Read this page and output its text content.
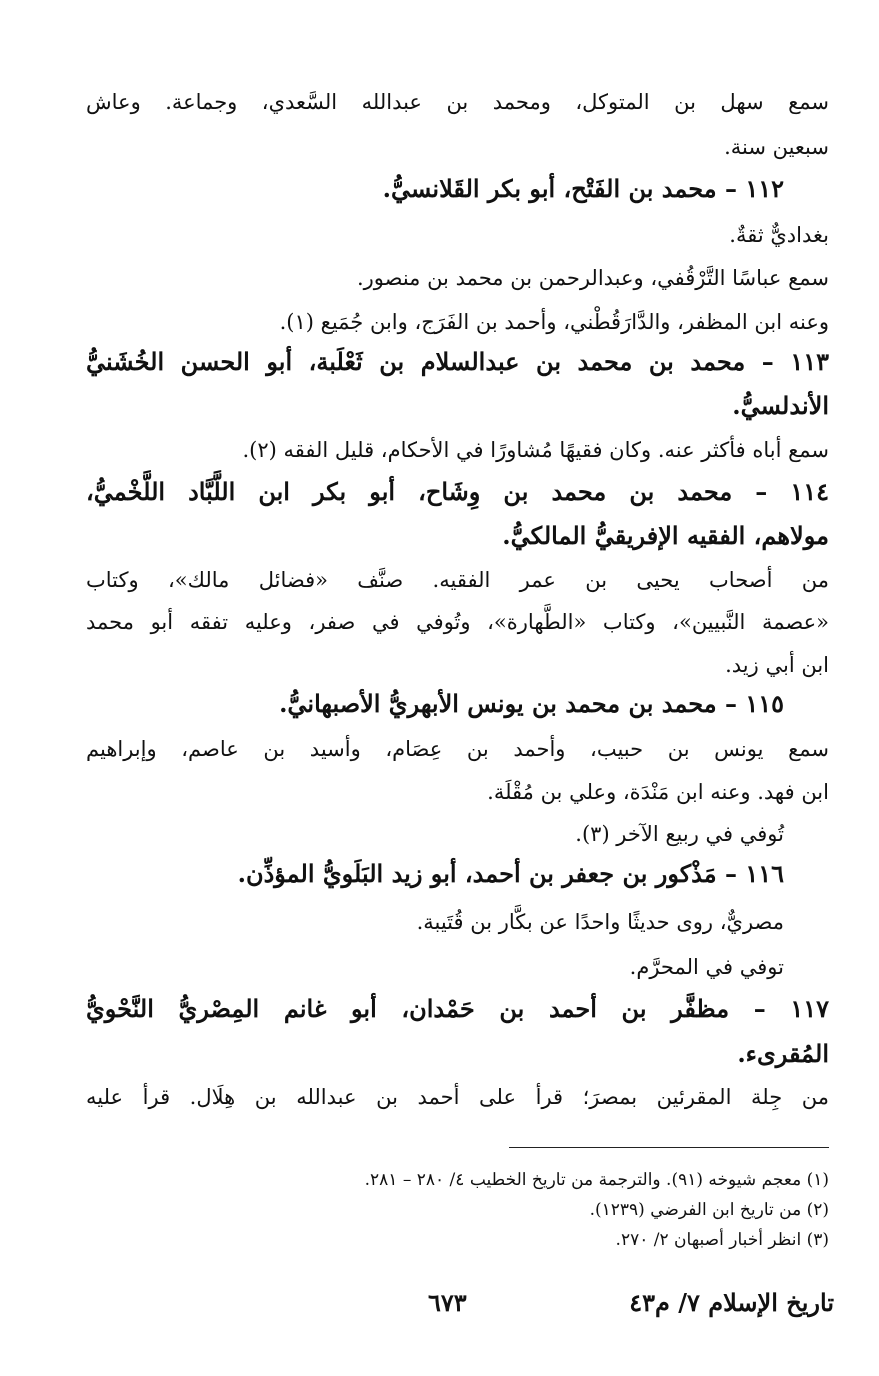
سمع سهل بن المتوكل، ومحمد بن عبدالله السَّعدي، وجماعة. وعاش
سبعين سنة.
١١٢ – محمد بن الفَتْح، أبو بكر القَلانسيُّ.
بغداديٌّ ثقةٌ.
سمع عباسًا التَّرْقُفي، وعبدالرحمن بن محمد بن منصور.
وعنه ابن المظفر، والدَّارَقُطْني، وأحمد بن الفَرَج، وابن جُمَيع (١).
١١٣ – محمد بن محمد بن عبدالسلام بن ثَعْلَبة، أبو الحسن الخُشَنيُّ
الأندلسيُّ.
سمع أباه فأكثر عنه. وكان فقيهًا مُشاورًا في الأحكام، قليل الفقه (٢).
١١٤ – محمد بن محمد بن وِشَاح، أبو بكر ابن اللَّبَّاد اللَّخْميُّ،
مولاهم، الفقيه الإفريقيُّ المالكيُّ.
من أصحاب يحيى بن عمر الفقيه. صنَّف «فضائل مالك»، وكتاب
«عصمة النَّبيين»، وكتاب «الطَّهارة»، وتُوفي في صفر، وعليه تفقه أبو محمد
ابن أبي زيد.
١١٥ – محمد بن محمد بن يونس الأبهريُّ الأصبهانيُّ.
سمع يونس بن حبيب، وأحمد بن عِصَام، وأسيد بن عاصم، وإبراهيم
ابن فهد. وعنه ابن مَنْدَة، وعلي بن مُقْلَة.
تُوفي في ربيع الآخر (٣).
١١٦ – مَذْكور بن جعفر بن أحمد، أبو زيد البَلَويُّ المؤذِّن.
مصريٌّ، روى حديثًا واحدًا عن بكَّار بن قُتَيبة.
توفي في المحرَّم.
١١٧ – مظفَّر بن أحمد بن حَمْدان، أبو غانم المِصْريُّ النَّحْويُّ
المُقرىء.
من جِلة المقرئين بمصرَ؛ قرأ على أحمد بن عبدالله بن هِلَال. قرأ عليه
(١) معجم شيوخه (٩١). والترجمة من تاريخ الخطيب ٤/ ٢٨٠ – ٢٨١.
(٢) من تاريخ ابن الفرضي (١٢٣٩).
(٣) انظر أخبار أصبهان ٢/ ٢٧٠.
تاريخ الإسلام ٧/ م٤٣
٦٧٣
